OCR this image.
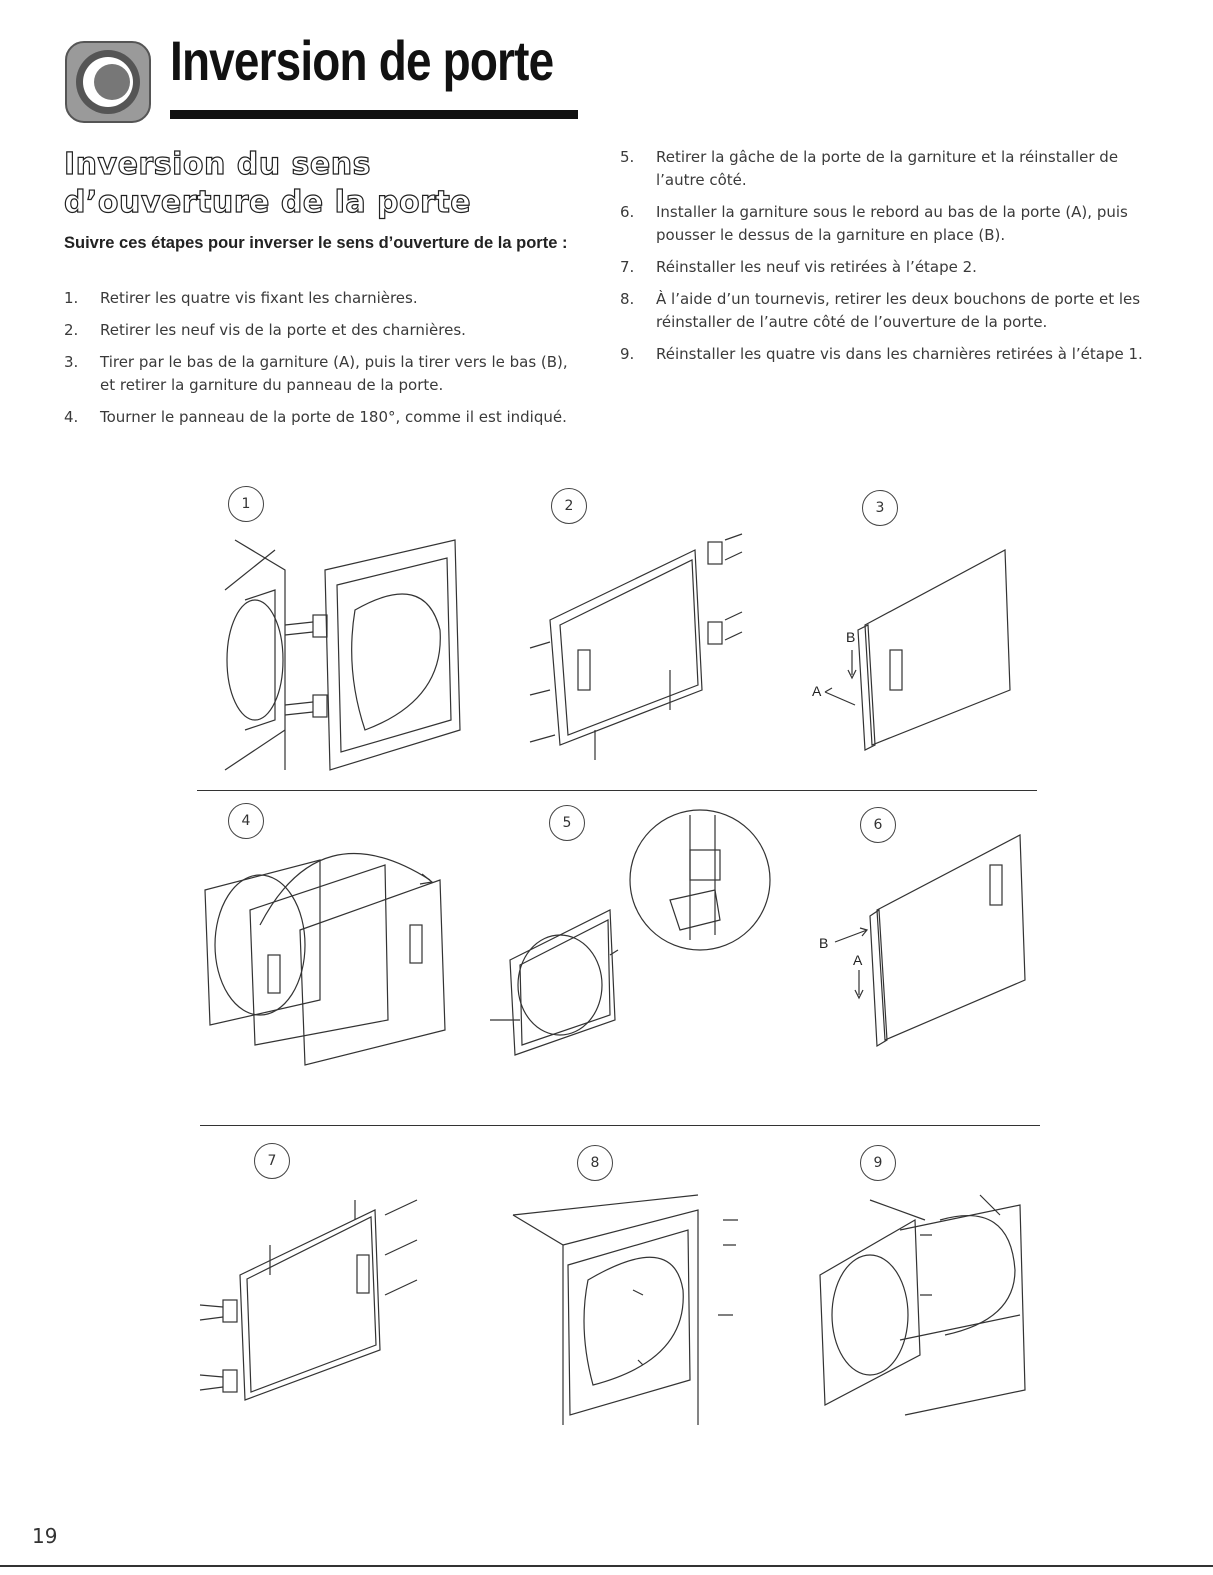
Inversion de porte
Inversion du sens d’ouverture de la porte

Suivre ces étapes pour inverser le sens d’ouverture de la porte :

1. Retirer les quatre vis fixant les charnières.
2. Retirer les neuf vis de la porte et des charnières.
3. Tirer par le bas de la garniture (A), puis la tirer vers le bas (B), et retirer la garniture du panneau de la porte.
4. Tourner le panneau de la porte de 180°, comme il est indiqué.
5. Retirer la gâche de la porte de la garniture et la réinstaller de l’autre côté.
6. Installer la garniture sous le rebord au bas de la porte (A), puis pousser le dessus de la garniture en place (B).
7. Réinstaller les neuf vis retirées à l’étape 2.
8. À l’aide d’un tournevis, retirer les deux bouchons de porte et les réinstaller de l’autre côté de l’ouverture de la porte.
9. Réinstaller les quatre vis dans les charnières retirées à l’étape 1.
1	2	3
4	5	6
7	8	9
B
A
B
A
19
